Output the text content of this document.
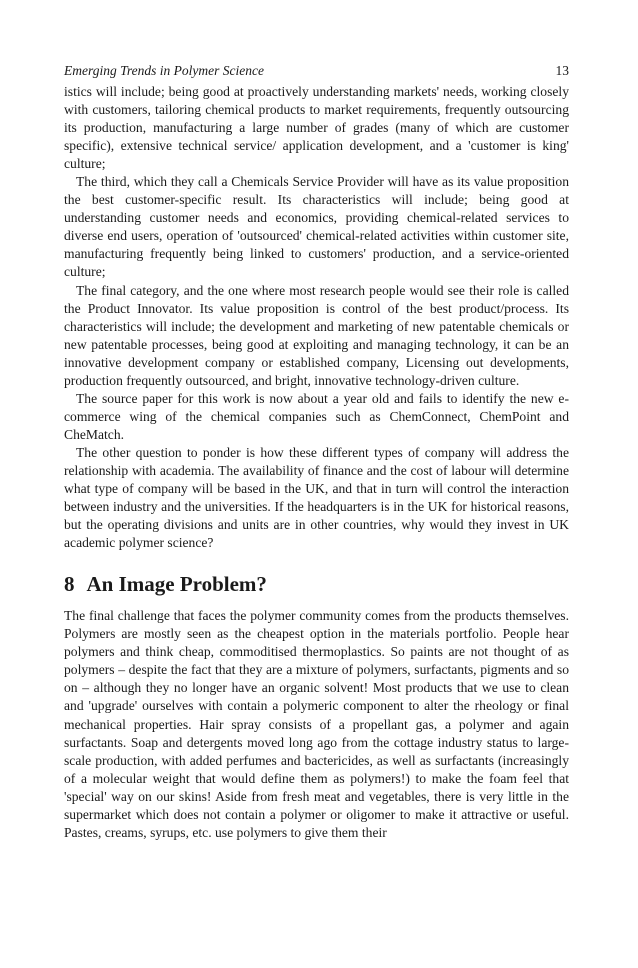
Emerging Trends in Polymer Science	13

istics will include; being good at proactively understanding markets' needs, working closely with customers, tailoring chemical products to market requirements, frequently outsourcing its production, manufacturing a large number of grades (many of which are customer specific), extensive technical service/ application development, and a 'customer is king' culture;

The third, which they call a Chemicals Service Provider will have as its value proposition the best customer-specific result. Its characteristics will include; being good at understanding customer needs and economics, providing chemical-related services to diverse end users, operation of 'outsourced' chemical-related activities within customer site, manufacturing frequently being linked to customers' production, and a service-oriented culture;

The final category, and the one where most research people would see their role is called the Product Innovator. Its value proposition is control of the best product/process. Its characteristics will include; the development and marketing of new patentable chemicals or new patentable processes, being good at exploiting and managing technology, it can be an innovative development company or established company, Licensing out developments, production frequently outsourced, and bright, innovative technology-driven culture.

The source paper for this work is now about a year old and fails to identify the new e-commerce wing of the chemical companies such as ChemConnect, ChemPoint and CheMatch.

The other question to ponder is how these different types of company will address the relationship with academia. The availability of finance and the cost of labour will determine what type of company will be based in the UK, and that in turn will control the interaction between industry and the universities. If the headquarters is in the UK for historical reasons, but the operating divisions and units are in other countries, why would they invest in UK academic polymer science?

8 An Image Problem?

The final challenge that faces the polymer community comes from the products themselves. Polymers are mostly seen as the cheapest option in the materials portfolio. People hear polymers and think cheap, commoditised thermoplastics. So paints are not thought of as polymers – despite the fact that they are a mixture of polymers, surfactants, pigments and so on – although they no longer have an organic solvent! Most products that we use to clean and 'upgrade' ourselves with contain a polymeric component to alter the rheology or final mechanical properties. Hair spray consists of a propellant gas, a polymer and again surfactants. Soap and detergents moved long ago from the cottage industry status to large-scale production, with added perfumes and bactericides, as well as surfactants (increasingly of a molecular weight that would define them as polymers!) to make the foam feel that 'special' way on our skins! Aside from fresh meat and vegetables, there is very little in the supermarket which does not contain a polymer or oligomer to make it attractive or useful. Pastes, creams, syrups, etc. use polymers to give them their
